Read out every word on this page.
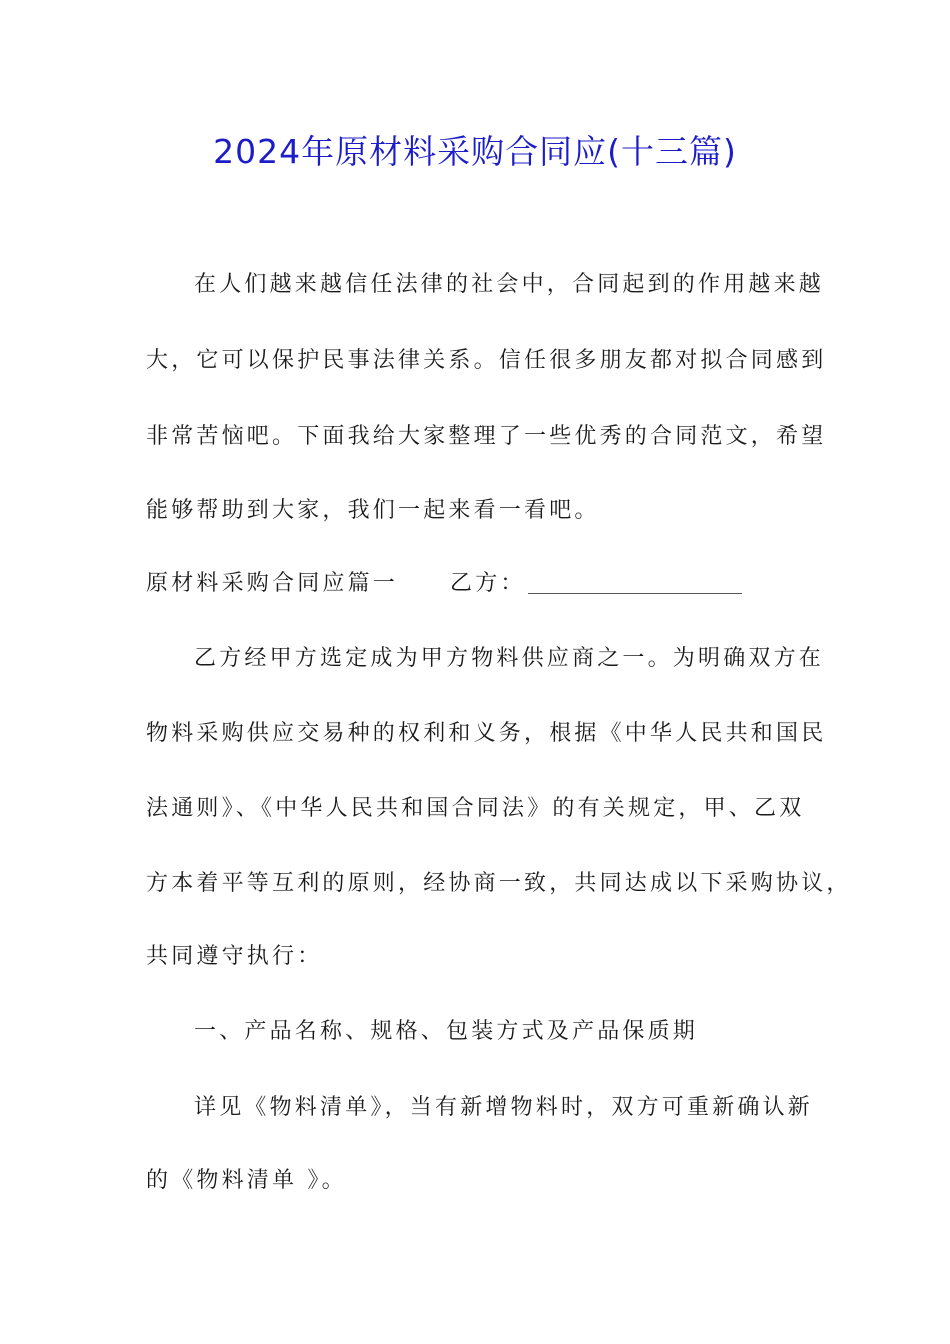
2024年原材料采购合同应(十三篇)
在人们越来越信任法律的社会中，合同起到的作用越来越
大，它可以保护民事法律关系。信任很多朋友都对拟合同感到
非常苦恼吧。下面我给大家整理了一些优秀的合同范文，希望
能够帮助到大家，我们一起来看一看吧。
原材料采购合同应篇一 乙方：
乙方经甲方选定成为甲方物料供应商之一。为明确双方在
物料采购供应交易种的权利和义务，根据《中华人民共和国民
法通则》、《中华人民共和国合同法》的有关规定，甲、乙双
方本着平等互利的原则，经协商一致，共同达成以下采购协议，
共同遵守执行：
一、产品名称、规格、包装方式及产品保质期
详见《物料清单》，当有新增物料时，双方可重新确认新
的《物料清单 》。
